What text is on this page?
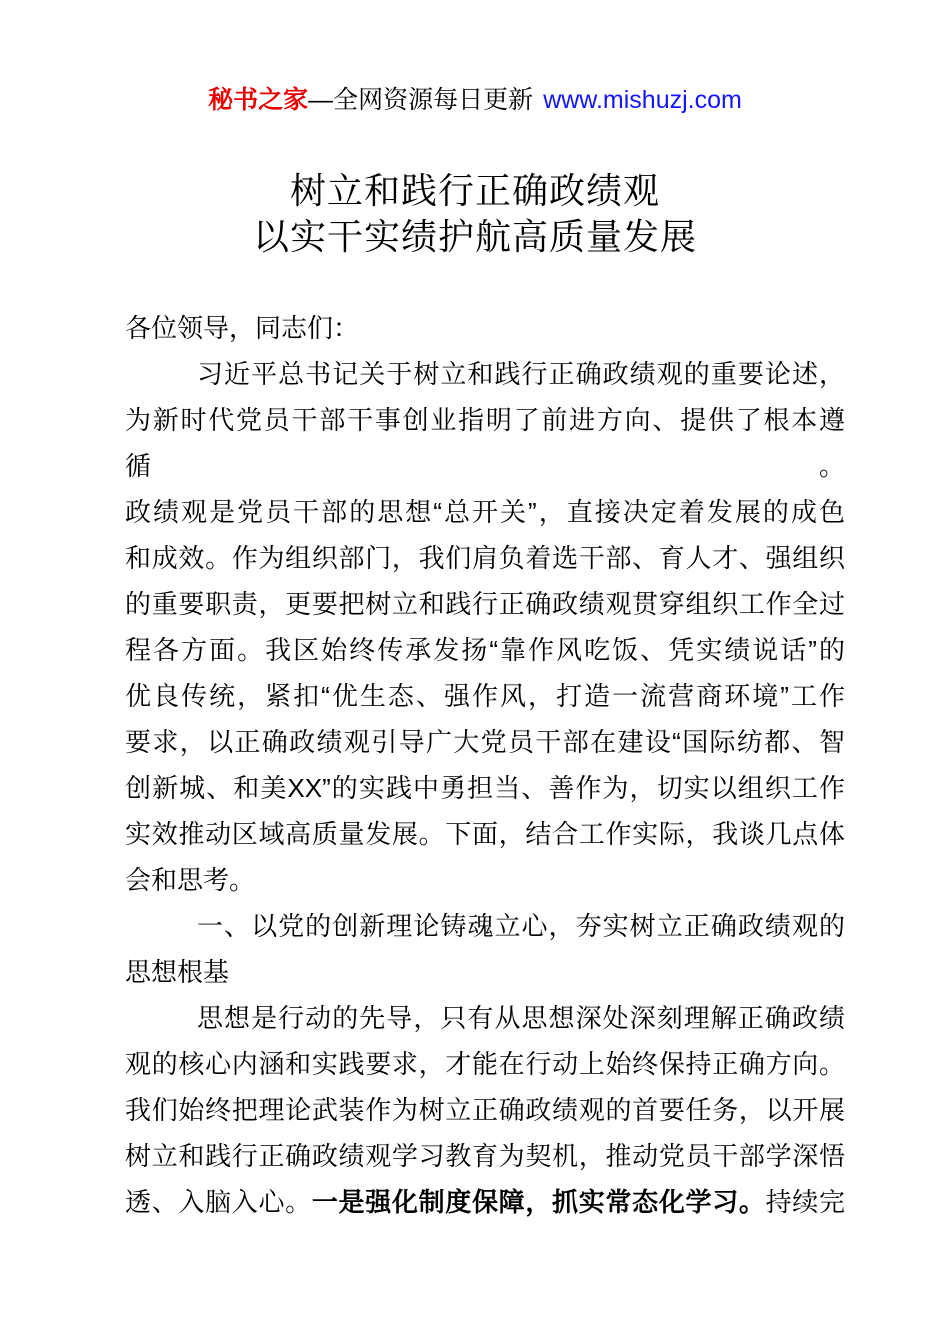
秘书之家—全网资源每日更新 www.mishuzj.com
树立和践行正确政绩观
以实干实绩护航高质量发展
各位领导，同志们：
习近平总书记关于树立和践行正确政绩观的重要论述，
为新时代党员干部干事创业指明了前进方向、提供了根本遵循。
政绩观是党员干部的思想“总开关”，直接决定着发展的成色
和成效。作为组织部门，我们肩负着选干部、育人才、强组织
的重要职责，更要把树立和践行正确政绩观贯穿组织工作全过
程各方面。我区始终传承发扬“靠作风吃饭、凭实绩说话”的
优良传统，紧扣“优生态、强作风，打造一流营商环境”工作
要求，以正确政绩观引导广大党员干部在建设“国际纺都、智
创新城、和美XX”的实践中勇担当、善作为，切实以组织工作
实效推动区域高质量发展。下面，结合工作实际，我谈几点体
会和思考。
一、以党的创新理论铸魂立心，夯实树立正确政绩观的
思想根基
思想是行动的先导，只有从思想深处深刻理解正确政绩
观的核心内涵和实践要求，才能在行动上始终保持正确方向。
我们始终把理论武装作为树立正确政绩观的首要任务，以开展
树立和践行正确政绩观学习教育为契机，推动党员干部学深悟
透、入脑入心。一是强化制度保障，抓实常态化学习。持续完
